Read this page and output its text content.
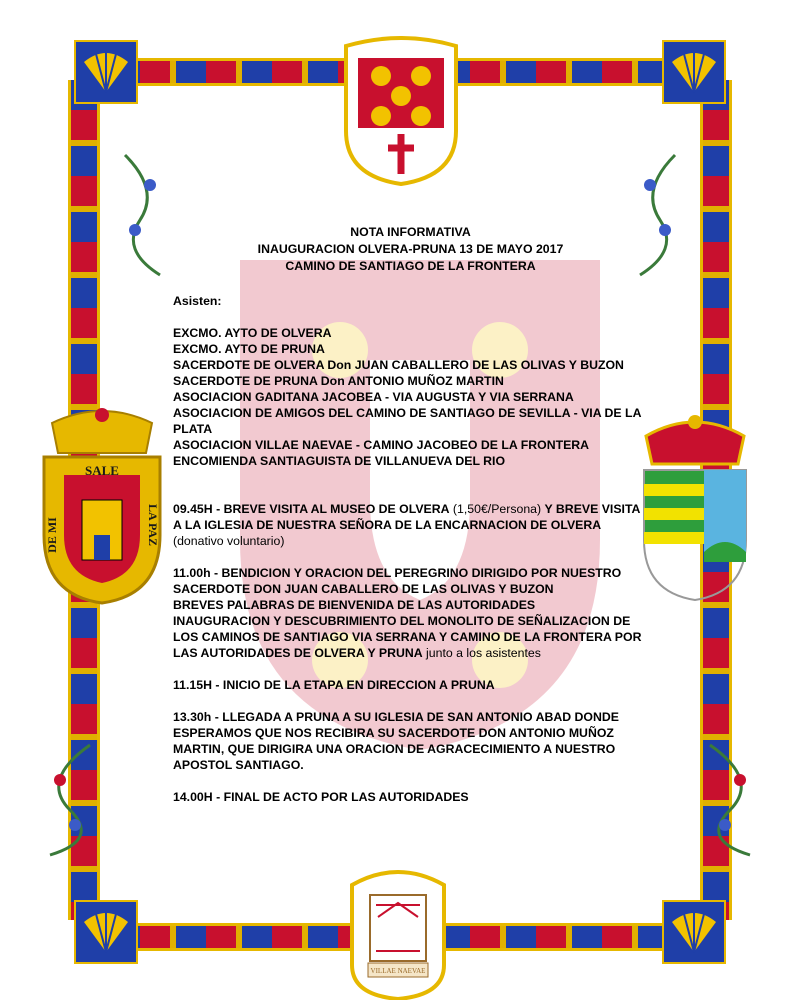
SALE
DE MI	LA PAZ
VILLAE NAEVAE
NOTA INFORMATIVA
INAUGURACION OLVERA-PRUNA 13 DE MAYO 2017
CAMINO DE SANTIAGO DE LA FRONTERA
Asisten:
EXCMO. AYTO DE OLVERA
EXCMO. AYTO DE PRUNA
SACERDOTE DE OLVERA Don JUAN CABALLERO DE LAS OLIVAS Y BUZON
SACERDOTE DE PRUNA Don ANTONIO MUÑOZ MARTIN
ASOCIACION GADITANA JACOBEA - VIA AUGUSTA Y VIA SERRANA
ASOCIACION DE AMIGOS DEL CAMINO DE SANTIAGO DE SEVILLA - VIA DE LA PLATA
ASOCIACION VILLAE NAEVAE - CAMINO JACOBEO DE LA FRONTERA
ENCOMIENDA SANTIAGUISTA DE VILLANUEVA DEL RIO

09.45H - BREVE VISITA AL MUSEO DE OLVERA (1,50€/Persona) Y BREVE VISITA A LA IGLESIA DE NUESTRA SEÑORA DE LA ENCARNACION DE OLVERA (donativo voluntario)

11.00h - BENDICION Y ORACION DEL PEREGRINO DIRIGIDO POR NUESTRO SACERDOTE DON JUAN CABALLERO DE LAS OLIVAS Y BUZON

BREVES PALABRAS DE BIENVENIDA DE LAS AUTORIDADES

INAUGURACION Y DESCUBRIMIENTO DEL MONOLITO DE SEÑALIZACION DE LOS CAMINOS DE SANTIAGO VIA SERRANA Y CAMINO DE LA FRONTERA POR LAS AUTORIDADES DE OLVERA Y PRUNA junto a los asistentes

11.15H - INICIO DE LA ETAPA EN DIRECCION A PRUNA

13.30h - LLEGADA A PRUNA A SU IGLESIA DE SAN ANTONIO ABAD DONDE ESPERAMOS QUE NOS RECIBIRA SU SACERDOTE DON ANTONIO MUÑOZ MARTIN, QUE DIRIGIRA UNA ORACION DE AGRACECIMIENTO A NUESTRO APOSTOL SANTIAGO.

14.00H - FINAL DE ACTO POR LAS AUTORIDADES
